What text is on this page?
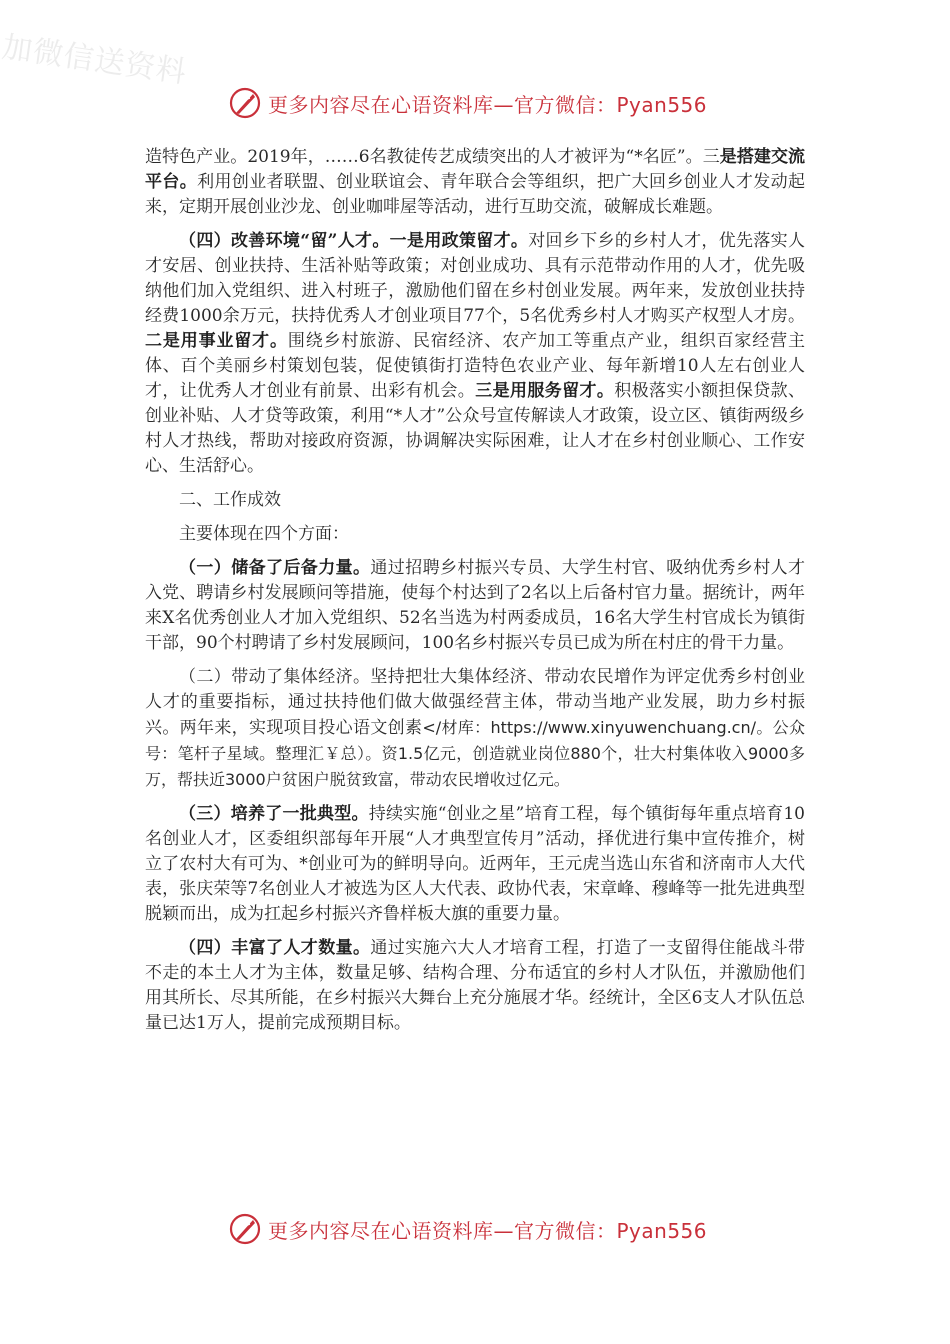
加微信送资料
更多内容尽在心语资料库—官方微信：Pyan556

造特色产业。2019年，……6名教徒传艺成绩突出的人才被评为“*名匠”。三是搭建交流平台。利用创业者联盟、创业联谊会、青年联合会等组织，把广大回乡创业人才发动起来，定期开展创业沙龙、创业咖啡屋等活动，进行互助交流，破解成长难题。

（四）改善环境“留”人才。一是用政策留才。对回乡下乡的乡村人才，优先落实人才安居、创业扶持、生活补贴等政策；对创业成功、具有示范带动作用的人才，优先吸纳他们加入党组织、进入村班子，激励他们留在乡村创业发展。两年来，发放创业扶持经费1000余万元，扶持优秀人才创业项目77个，5名优秀乡村人才购买产权型人才房。二是用事业留才。围绕乡村旅游、民宿经济、农产加工等重点产业，组织百家经营主体、百个美丽乡村策划包装，促使镇街打造特色农业产业、每年新增10人左右创业人才，让优秀人才创业有前景、出彩有机会。三是用服务留才。积极落实小额担保贷款、创业补贴、人才贷等政策，利用“*人才”公众号宣传解读人才政策，设立区、镇街两级乡村人才热线，帮助对接政府资源，协调解决实际困难，让人才在乡村创业顺心、工作安心、生活舒心。

二、工作成效

主要体现在四个方面：

（一）储备了后备力量。通过招聘乡村振兴专员、大学生村官、吸纳优秀乡村人才入党、聘请乡村发展顾问等措施，使每个村达到了2名以上后备村官力量。据统计，两年来X名优秀创业人才加入党组织、52名当选为村两委成员，16名大学生村官成长为镇街干部，90个村聘请了乡村发展顾问，100名乡村振兴专员已成为所在村庄的骨干力量。

（二）带动了集体经济。坚持把壮大集体经济、带动农民增作为评定优秀乡村创业人才的重要指标，通过扶持他们做大做强经营主体，带动当地产业发展，助力乡村振兴。两年来，实现项目投心语文创素</材库：https://www.xinyuwenchuang.cn/。公众号：笔杆子星域。整理汇￥总）。资1.5亿元，创造就业岗位880个，壮大村集体收入9000多万，帮扶近3000户贫困户脱贫致富，带动农民增收过亿元。

（三）培养了一批典型。持续实施“创业之星”培育工程，每个镇街每年重点培育10名创业人才，区委组织部每年开展“人才典型宣传月”活动，择优进行集中宣传推介，树立了农村大有可为、*创业可为的鲜明导向。近两年，王元虎当选山东省和济南市人大代表，张庆荣等7名创业人才被选为区人大代表、政协代表，宋章峰、穆峰等一批先进典型脱颖而出，成为扛起乡村振兴齐鲁样板大旗的重要力量。

（四）丰富了人才数量。通过实施六大人才培育工程，打造了一支留得住能战斗带不走的本土人才为主体，数量足够、结构合理、分布适宜的乡村人才队伍，并激励他们用其所长、尽其所能，在乡村振兴大舞台上充分施展才华。经统计，全区6支人才队伍总量已达1万人，提前完成预期目标。

更多内容尽在心语资料库—官方微信：Pyan556
